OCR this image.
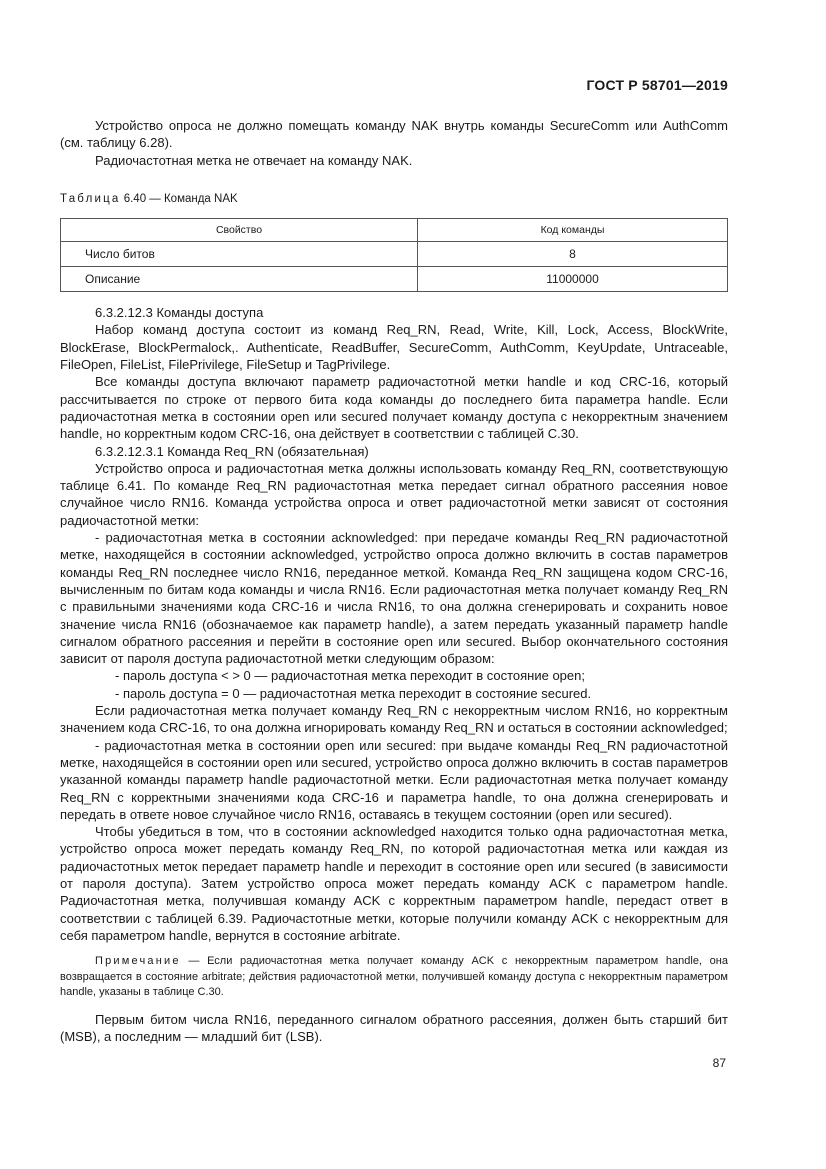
ГОСТ Р 58701—2019

Устройство опроса не должно помещать команду NAK внутрь команды SecureComm или AuthComm (см. таблицу 6.28).

Радиочастотная метка не отвечает на команду NAK.

Таблица 6.40 — Команда NAK
Свойство	Код команды
Число битов	8
Описание	11000000

6.3.2.12.3 Команды доступа

Набор команд доступа состоит из команд Req_RN, Read, Write, Kill, Lock, Access, BlockWrite, BlockErase, BlockPermalock,. Authenticate, ReadBuffer, SecureComm, AuthComm, KeyUpdate, Untraceable, FileOpen, FileList, FilePrivilege, FileSetup и TagPrivilege.

Все команды доступа включают параметр радиочастотной метки handle и код CRC-16, который рассчитывается по строке от первого бита кода команды до последнего бита параметра handle. Если радиочастотная метка в состоянии open или secured получает команду доступа с некорректным значением handle, но корректным кодом CRC-16, она действует в соответствии с таблицей С.30.

6.3.2.12.3.1 Команда Req_RN (обязательная)

Устройство опроса и радиочастотная метка должны использовать команду Req_RN, соответствующую таблице 6.41. По команде Req_RN радиочастотная метка передает сигнал обратного рассеяния новое случайное число RN16. Команда устройства опроса и ответ радиочастотной метки зависят от состояния радиочастотной метки:

- радиочастотная метка в состоянии acknowledged: при передаче команды Req_RN радиочастотной метке, находящейся в состоянии acknowledged, устройство опроса должно включить в состав параметров команды Req_RN последнее число RN16, переданное меткой. Команда Req_RN защищена кодом CRC-16, вычисленным по битам кода команды и числа RN16. Если радиочастотная метка получает команду Req_RN с правильными значениями кода CRC-16 и числа RN16, то она должна сгенерировать и сохранить новое значение числа RN16 (обозначаемое как параметр handle), а затем передать указанный параметр handle сигналом обратного рассеяния и перейти в состояние open или secured. Выбор окончательного состояния зависит от пароля доступа радиочастотной метки следующим образом:

- пароль доступа < > 0 — радиочастотная метка переходит в состояние open;

- пароль доступа = 0 — радиочастотная метка переходит в состояние secured.

Если радиочастотная метка получает команду Req_RN с некорректным числом RN16, но корректным значением кода CRC-16, то она должна игнорировать команду Req_RN и остаться в состоянии acknowledged;

- радиочастотная метка в состоянии open или secured: при выдаче команды Req_RN радиочастотной метке, находящейся в состоянии open или secured, устройство опроса должно включить в состав параметров указанной команды параметр handle радиочастотной метки. Если радиочастотная метка получает команду Req_RN с корректными значениями кода CRC-16 и параметра handle, то она должна сгенерировать и передать в ответе новое случайное число RN16, оставаясь в текущем состоянии (open или secured).

Чтобы убедиться в том, что в состоянии acknowledged находится только одна радиочастотная метка, устройство опроса может передать команду Req_RN, по которой радиочастотная метка или каждая из радиочастотных меток передает параметр handle и переходит в состояние open или secured (в зависимости от пароля доступа). Затем устройство опроса может передать команду ACK с параметром handle. Радиочастотная метка, получившая команду ACK с корректным параметром handle, передаст ответ в соответствии с таблицей 6.39. Радиочастотные метки, которые получили команду ACK с некорректным для себя параметром handle, вернутся в состояние arbitrate.

Примечание — Если радиочастотная метка получает команду ACK с некорректным параметром handle, она возвращается в состояние arbitrate; действия радиочастотной метки, получившей команду доступа с некорректным параметром handle, указаны в таблице С.30.

Первым битом числа RN16, переданного сигналом обратного рассеяния, должен быть старший бит (MSB), а последним — младший бит (LSB).

87
